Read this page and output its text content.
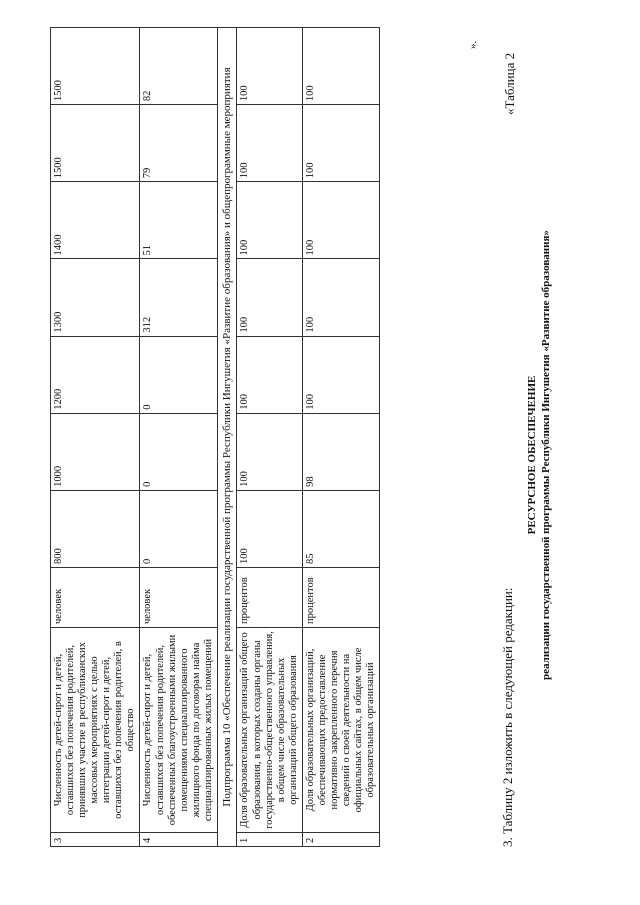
3	Численность детей-сирот и детей, оставшихся без попечения родителей, принявших участие в республиканских массовых мероприятиях с целью интеграции детей-сирот и детей, оставшихся без попечения родителей, в общество	человек	800	1000	1200	1300	1400	1500	1500
4	Численность детей-сирот и детей, оставшихся без попечения родителей, обеспеченных благоустроенными жилыми помещениями специализированного жилищного фонда по договорам найма специализированных жилых помещений	человек	0	0	0	312	51	79	82
Подпрограмма 10 «Обеспечение реализации государственной программы Республики Ингушетия «Развитие образования» и общепрограммные мероприятия									
1	Доля образовательных организаций общего образования, в которых созданы органы государственно-общественного управления, в общем числе образовательных организаций общего образования	процентов	100	100	100	100	100	100	100
2	Доля образовательных организаций, обеспечивающих предоставление нормативно закрепленного перечня сведений о своей деятельности на официальных сайтах, в общем числе образовательных организаций	процентов	85	98	100	100	100	100	100
».
3. Таблицу 2 изложить в следующей редакции:
«Таблица 2
РЕСУРСНОЕ ОБЕСПЕЧЕНИЕ реализации государственной программы Республики Ингушетия «Развитие образования»
